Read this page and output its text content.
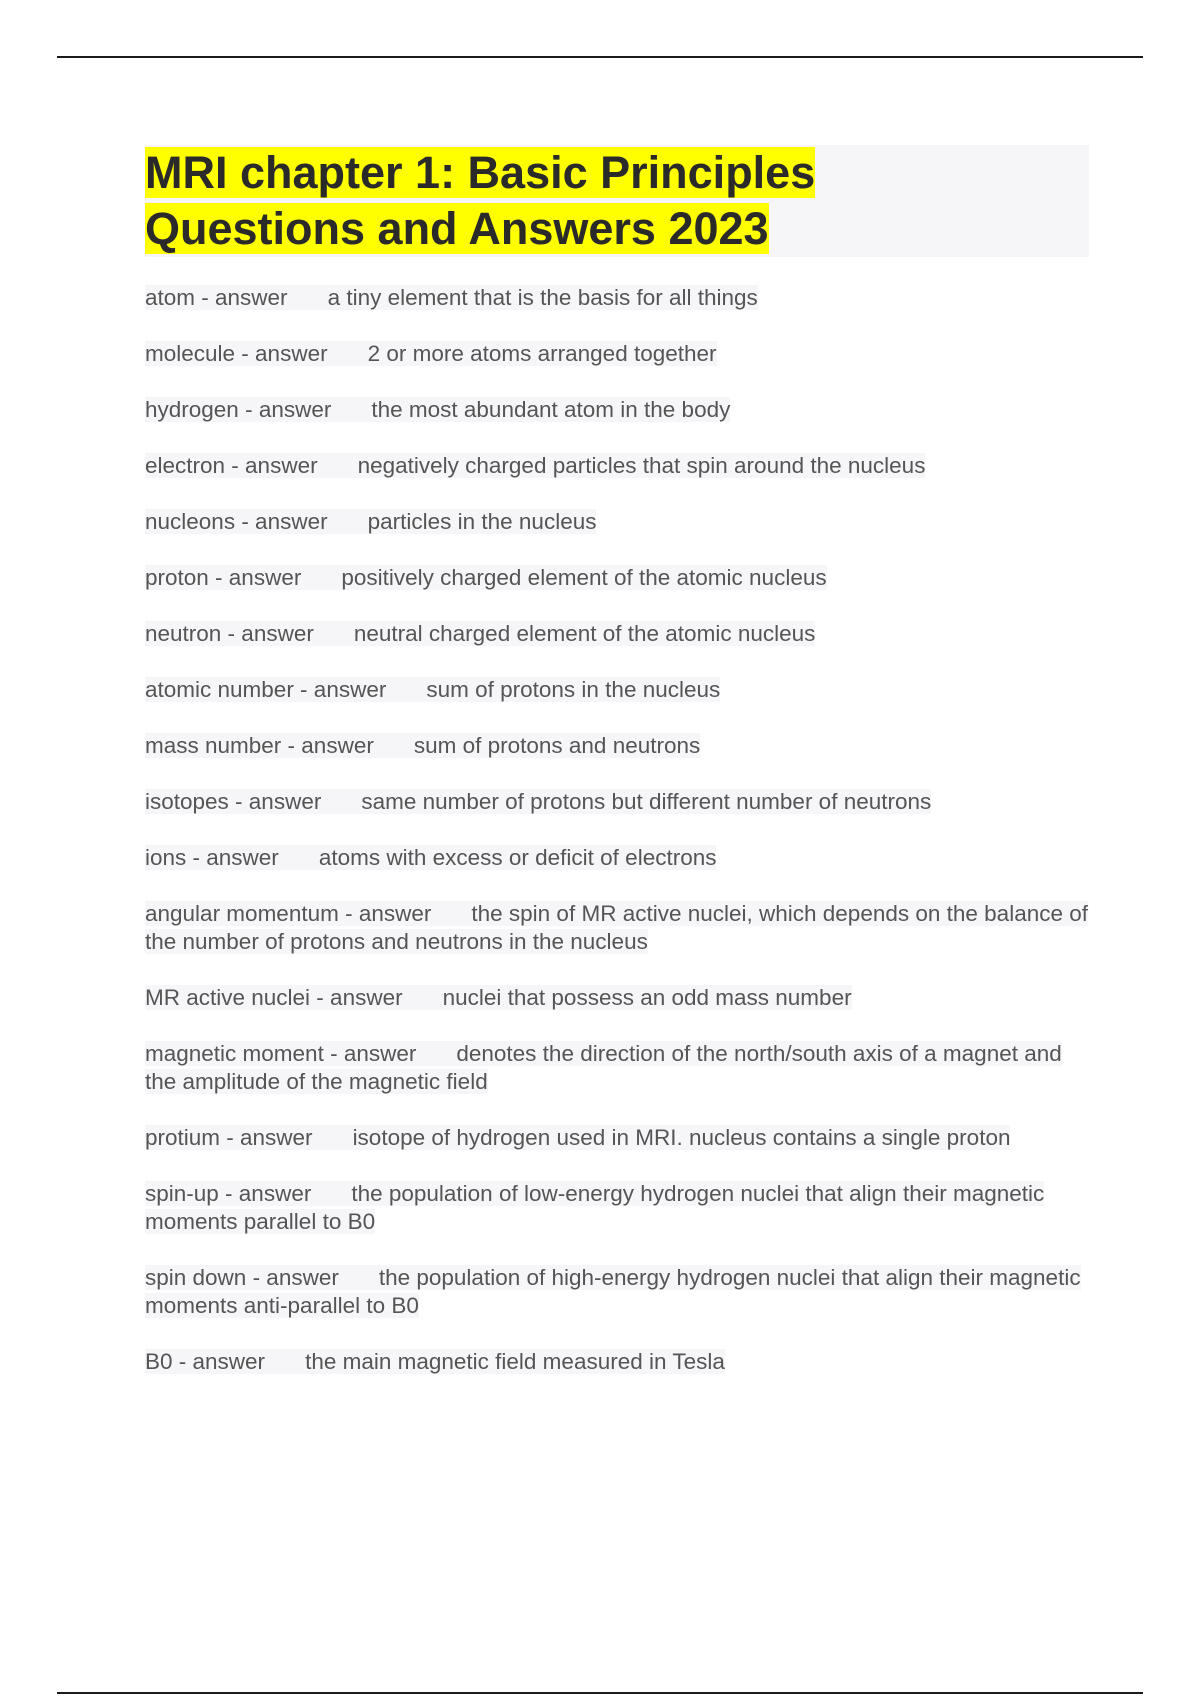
MRI chapter 1: Basic Principles
Questions and Answers 2023
atom - answer a tiny element that is the basis for all things
molecule - answer 2 or more atoms arranged together
hydrogen - answer the most abundant atom in the body
electron - answer negatively charged particles that spin around the nucleus
nucleons - answer particles in the nucleus
proton - answer positively charged element of the atomic nucleus
neutron - answer neutral charged element of the atomic nucleus
atomic number - answer sum of protons in the nucleus
mass number - answer sum of protons and neutrons
isotopes - answer same number of protons but different number of neutrons
ions - answer atoms with excess or deficit of electrons
angular momentum - answer the spin of MR active nuclei, which depends on the balance of the number of protons and neutrons in the nucleus
MR active nuclei - answer nuclei that possess an odd mass number
magnetic moment - answer denotes the direction of the north/south axis of a magnet and the amplitude of the magnetic field
protium - answer isotope of hydrogen used in MRI. nucleus contains a single proton
spin-up - answer the population of low-energy hydrogen nuclei that align their magnetic moments parallel to B0
spin down - answer the population of high-energy hydrogen nuclei that align their magnetic moments anti-parallel to B0
B0 - answer the main magnetic field measured in Tesla
